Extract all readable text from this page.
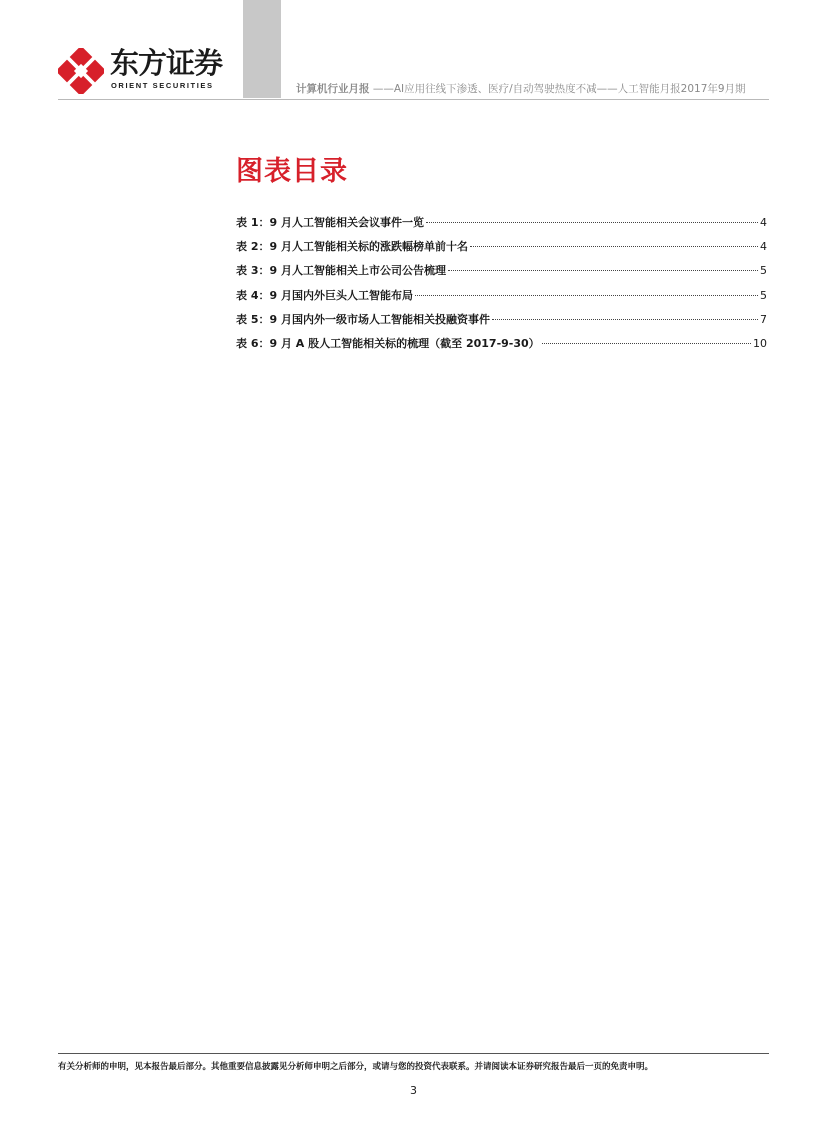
东方证券
ORIENT SECURITIES	计算机行业月报 ——AI应用往线下渗透、医疗/自动驾驶热度不减——人工智能月报2017年9月期
图表目录
表 1：9 月人工智能相关会议事件一览	4
表 2：9 月人工智能相关标的涨跌幅榜单前十名	4
表 3：9 月人工智能相关上市公司公告梳理	5
表 4：9 月国内外巨头人工智能布局	5
表 5：9 月国内外一级市场人工智能相关投融资事件	7
表 6：9 月 A 股人工智能相关标的梳理（截至 2017-9-30）	10
有关分析师的申明，见本报告最后部分。其他重要信息披露见分析师申明之后部分，或请与您的投资代表联系。并请阅读本证券研究报告最后一页的免责申明。
3
